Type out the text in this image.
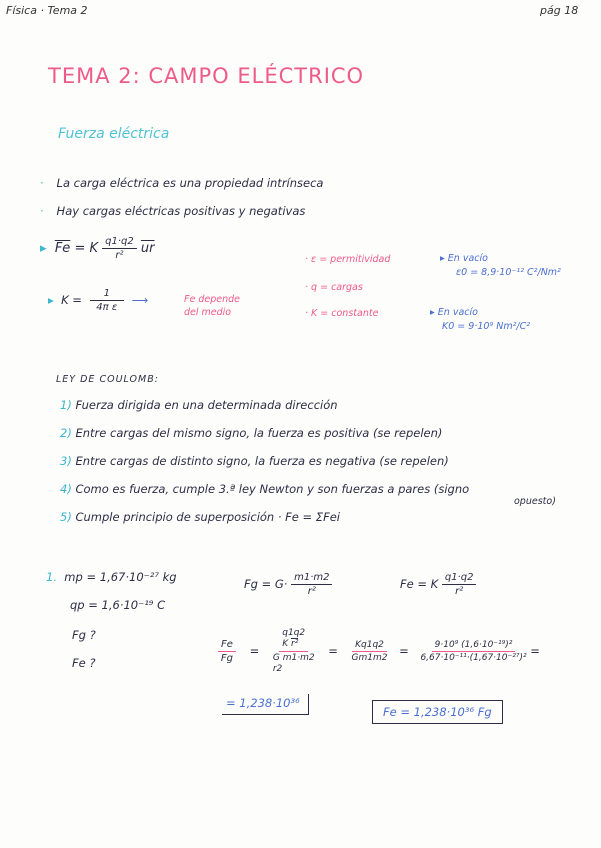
Física · Tema 2	pág 18
TEMA 2: CAMPO ELÉCTRICO
Fuerza eléctrica
·   La carga eléctrica es una propiedad intrínseca
·   Hay cargas eléctricas positivas y negativas
▸  $\overline{Fe} = K \frac{q1\cdot q2}{\text{r²}} \overline{ur}$
▸  $K = \frac{1}{\text{4π ε}}$ ⟶	Fe depende
del medio
· ε = permitividad
· q = cargas
· K = constante
▸ En vacío
ε0 = 8,9·10⁻¹² C²/Nm²
▸ En vacío
K0 = 9·10⁹ Nm²/C²
LEY DE COULOMB:
1) Fuerza dirigida en una determinada dirección
2) Entre cargas del mismo signo, la fuerza es positiva (se repelen)
3) Entre cargas de distinto signo, la fuerza es negativa (se repelen)
4) Como es fuerza, cumple 3.ª ley Newton y son fuerzas a pares (signo
opuesto)
5) Cumple principio de superposición · Fe = ΣFei
1. mp = 1,67·10⁻²⁷ kg
qp = 1,6·10⁻¹⁹ C
Fg ?
Fe ?
$Fg = G\cdot \frac{m1\cdot m2}{\text{r²}}$	Fe = K $\frac{q1\cdot q2}{\text{r²}}$
$\frac{Fe}{Fg}$ =
q1q2
K r²
G m1·m2
r2
= $\frac{Kq1q2}{Gm1m2} = \frac{\text{9·10⁹ (1,6·10⁻¹⁹)²}}{\text{6,67·10⁻¹¹·(1,67·10⁻²⁷)²}}$ =
= 1,238·10³⁶
Fe = 1,238·10³⁶ Fg
